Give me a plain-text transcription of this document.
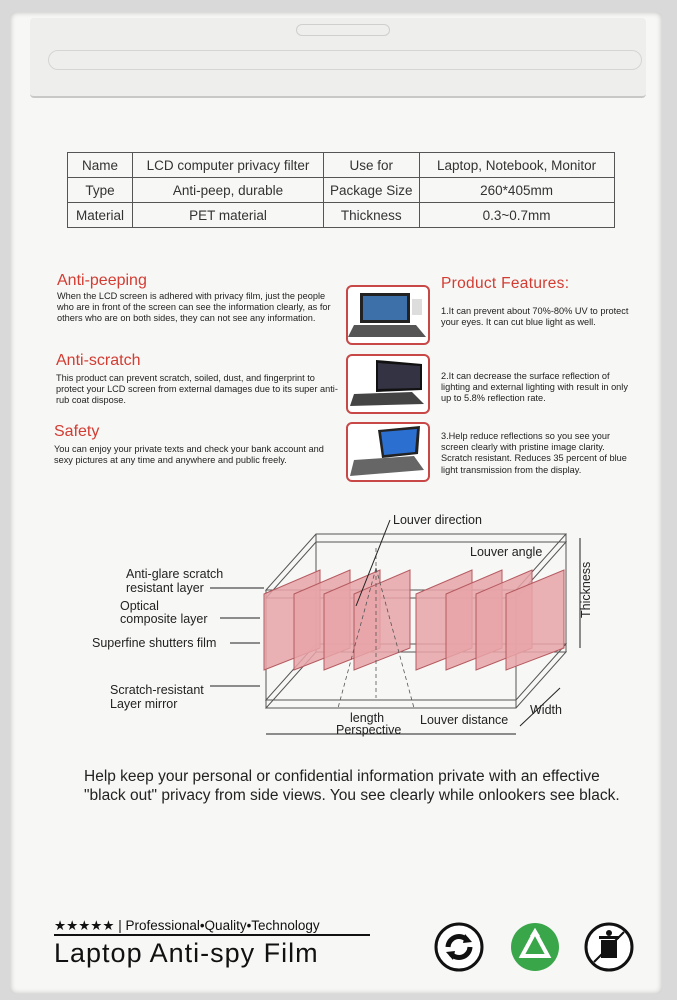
Name	LCD computer privacy filter	Use for	Laptop, Notebook, Monitor
Type	Anti-peep, durable	Package Size	260*405mm
Material	PET material	Thickness	0.3~0.7mm
Anti-peeping
When the LCD screen is adhered with privacy film, just the people who are in front of the screen can see the information clearly, as for others who are on both sides, they can not see any information.
Anti-scratch
This product can prevent scratch, soiled, dust, and fingerprint to protect your LCD screen from external damages due to its super anti-rub coat dispose.
Safety
You can enjoy your private texts and check your bank account and sexy pictures at any time and anywhere and public freely.
Product Features:
1.It can prevent about 70%-80% UV to protect your eyes. It can cut blue light as well.
2.It can decrease the surface reflection of lighting and external lighting with result in only up to 5.8% reflection rate.
3.Help reduce reflections so you see your screen clearly with pristine image clarity. Scratch resistant. Reduces 35 percent of blue light transmission from the display.
Louver direction
Louver angle
Anti-glare scratch
resistant layer
Optical
composite layer
Superfine shutters film
Scratch-resistant
Layer mirror
Thickness
Width
length
Perspective
Louver distance
Help keep your personal or confidential information private with an effective "black out" privacy from side views. You see clearly while onlookers see black.
★★★★★ | Professional•Quality•Technology
Laptop Anti-spy Film
